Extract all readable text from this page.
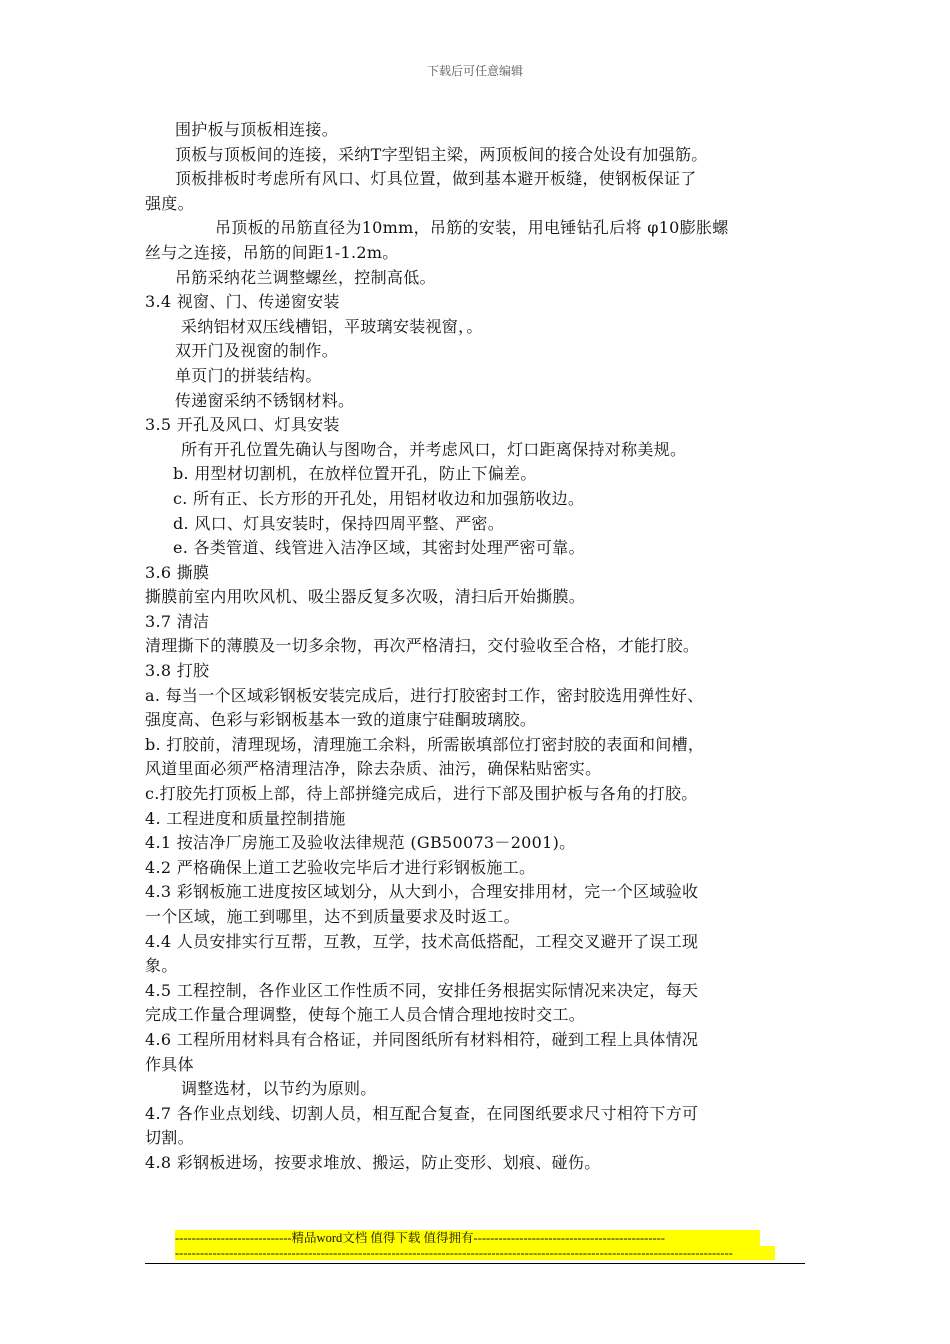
下载后可任意编辑
围护板与顶板相连接。
顶板与顶板间的连接，采纳T字型铝主梁，两顶板间的接合处设有加强筋。
顶板排板时考虑所有风口、灯具位置，做到基本避开板缝，使钢板保证了
强度。
吊顶板的吊筋直径为10mm，吊筋的安装，用电锤钻孔后将 φ10膨胀螺
丝与之连接，吊筋的间距1-1.2m。
吊筋采纳花兰调整螺丝，控制高低。
3.4 视窗、门、传递窗安装
采纳铝材双压线槽铝，平玻璃安装视窗，。
双开门及视窗的制作。
单页门的拼装结构。
传递窗采纳不锈钢材料。
3.5 开孔及风口、灯具安装
所有开孔位置先确认与图吻合，并考虑风口，灯口距离保持对称美规。
b. 用型材切割机，在放样位置开孔，防止下偏差。
c. 所有正、长方形的开孔处，用铝材收边和加强筋收边。
d. 风口、灯具安装时，保持四周平整、严密。
e. 各类管道、线管进入洁净区域，其密封处理严密可靠。
3.6 撕膜
撕膜前室内用吹风机、吸尘器反复多次吸，清扫后开始撕膜。
3.7 清洁
清理撕下的薄膜及一切多余物，再次严格清扫，交付验收至合格，才能打胶。
3.8 打胶
a. 每当一个区域彩钢板安装完成后，进行打胶密封工作，密封胶选用弹性好、
强度高、色彩与彩钢板基本一致的道康宁硅酮玻璃胶。
b. 打胶前，清理现场，清理施工余料，所需嵌填部位打密封胶的表面和间槽，
风道里面必须严格清理洁净，除去杂质、油污，确保粘贴密实。
c.打胶先打顶板上部，待上部拼缝完成后，进行下部及围护板与各角的打胶。
4. 工程进度和质量控制措施
4.1 按洁净厂房施工及验收法律规范 (GB50073－2001)。
4.2 严格确保上道工艺验收完毕后才进行彩钢板施工。
4.3 彩钢板施工进度按区域划分，从大到小，合理安排用材，完一个区域验收
一个区域，施工到哪里，达不到质量要求及时返工。
4.4 人员安排实行互帮，互教，互学，技术高低搭配，工程交叉避开了误工现
象。
4.5 工程控制，各作业区工作性质不同，安排任务根据实际情况来决定，每天
完成工作量合理调整，使每个施工人员合情合理地按时交工。
4.6 工程所用材料具有合格证，并同图纸所有材料相符，碰到工程上具体情况
作具体
调整选材，以节约为原则。
4.7 各作业点划线、切割人员，相互配合复查，在同图纸要求尺寸相符下方可
切割。
4.8 彩钢板进场，按要求堆放、搬运，防止变形、划痕、碰伤。
----------------------------精品word文档 值得下载 值得拥有----------------------------------------------
--------------------------------------------------------------------------------------------------------------------------------------
